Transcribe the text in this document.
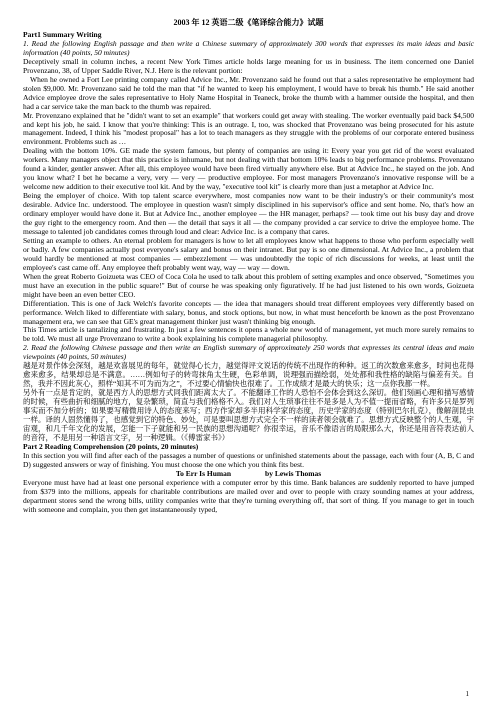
2003 年 12 英语二级《笔译综合能力》试题

Part1 Summary Writing

1. Read the following English passage and then write a Chinese summary of approximately 300 words that expresses its main ideas and basic information (40 points, 50 minutes)

Deceptively small in column inches, a recent New York Times article holds large meaning for us in business. The item concerned one Daniel Provenzano, 38, of Upper Saddle River, N.J. Here is the relevant portion:

When he owned a Fort Lee printing company called Advice Inc., Mr. Provenzano said he found out that a sales representative he employment had stolen $9,000. Mr. Provenzano said he told the man that "if he wanted to keep his employment, I would have to break his thumb." He said another Advice employee drove the sales representative to Holy Name Hospital in Teaneck, broke the thumb with a hammer outside the hospital, and then had a car service take the man back to the thumb was repaired.

Mr. Provenzano explained that he "didn't want to set an example" that workers could get away with stealing. The worker eventually paid back $4,500 and kept his job, he said. I know that you're thinking: This is an outrage. I, too, was shocked that Provenzano was being prosecuted for his astute management. Indeed, I think his "modest proposal" has a lot to teach managers as they struggle with the problems of our corporate entered business environment. Problems such as …

Dealing with the bottom 10%. GE made the system famous, but plenty of companies are using it: Every year you get rid of the worst evaluated workers. Many managers object that this practice is inhumane, but not dealing with that bottom 10% leads to big performance problems. Provenzano found a kinder, gentler answer. After all, this employee would have been fired virtually anywhere else. But at Advice Inc., he stayed on the job. And you know what? I bet he became a very, very — very — productive employee. For most managers Provenzano's innovative response will be a welcome new addition to their executive tool kit. And by the way, "executive tool kit" is clearly more than just a metaphor at Advice Inc.

Being the employer of choice. With top talent scarce everywhere, most companies now want to be their industry's or their community's most desirable. Advice Inc. understood. The employee in question wasn't simply disciplined in his supervisor's office and sent home. No, that's how an ordinary employer would have done it. But at Advice Inc., another employee — the HR manager, perhaps? — took time out his busy day and drove the guy right to the emergency room. And then — the detail that says it all — the company provided a car service to drive the employee home. The message to talented job candidates comes through loud and clear: Advice Inc. is a company that cares.

Setting an example to others. An eternal problem for managers is how to let all employees know what happens to those who perform especially well or badly. A few companies actually post everyone's salary and bonus on their intranet. But pay is so one dimensional. At Advice Inc., a problem that would hardly be mentioned at most companies — embezzlement — was undoubtedly the topic of rich discussions for weeks, at least until the employee's cast came off. Any employee theft probably went way, way — way — down.

When the great Roberto Goizueta was CEO of Coca Cola he used to talk about this problem of setting examples and once observed, "Sometimes you must have an execution in the public square!" But of course he was speaking only figuratively. If he had just listened to his own words, Goizueta might have been an even better CEO.

Differentiation. This is one of Jack Welch's favorite concepts — the idea that managers should treat different employees very differently based on performance. Welch liked to differentiate with salary, bonus, and stock options, but now, in what must henceforth be known as the post Provenzano management era, we can see that GE's great management thinker just wasn't thinking big enough.

This Times article is tantalizing and frustrating. In just a few sentences it opens a whole new world of management, yet much more surely remains to be told. We must all urge Provenzano to write a book explaining his complete managerial philosophy.

2. Read the following Chinese passage and then write an English summary of approximately 250 words that expresses its central ideas and main viewpoints (40 points, 50 minutes)

越是对景作体会深刻，越是欢喜展见的每年，就觉得心长力，越觉得评文说话的传统不出现作的种种。返工的次数愈来愈多，时间也花得愈来愈多，结果却总是不满意。……例如句子的转弯抹角太生硬，色彩单调，说理强而描绘弱，处处都和我性格的缺陷与偏差有关。自然，我并不因此灰心，照样“知其不可为而为之”，不过要心情愉快也很难了。工作成绩才是最大的快乐；这一点你我都一样。

另外有一点是肯定的，就是西方人的思想方式同我们距离太大了。不能翻译工作的人恐怕不会体会到这么深切。他们刻画心理和描写感情的时候，有些曲折和细腻的地方，复杂繁琐，简直与我们格格不入。我们对人生琐事往往不是多是人为不值一提而省略，有许多只是罗列事实而不加分析的；如果要写精微用诗人的态度来写；西方作家却多半用科学家的态度，历史学家的态度（特别巴尔扎克），像解剖昆虫一样。译的人固然懂得了，也感觉到它的特色、妙处，可是要叫思想方式完全不一样的读者领会就难了。思想方式反映整个的人生观，宇宙观，和几千年文化的发展，怎能一下子就能和另一民族的思想沟通呢？你很幸运，音乐不像语言的局限那么大，你还是用音符表达前人的音符，不是用另一种语言文字，另一种逻辑。（《傅雷家书》）

Part 2 Reading Comprehension (20 points, 20 minutes)

In this section you will find after each of the passages a number of questions or unfinished statements about the passage, each with four (A, B, C and D) suggested answers or way of finishing. You must choose the one which you think fits best.

To Err Is Human	by Lewis Thomas

Everyone must have had at least one personal experience with a computer error by this time. Bank balances are suddenly reported to have jumped from $379 into the millions, appeals for charitable contributions are mailed over and over to people with crazy sounding names at your address, department stores send the wrong bills, utility companies write that they're turning everything off, that sort of thing. If you manage to get in touch with someone and complain, you then get instantaneously typed,

1
